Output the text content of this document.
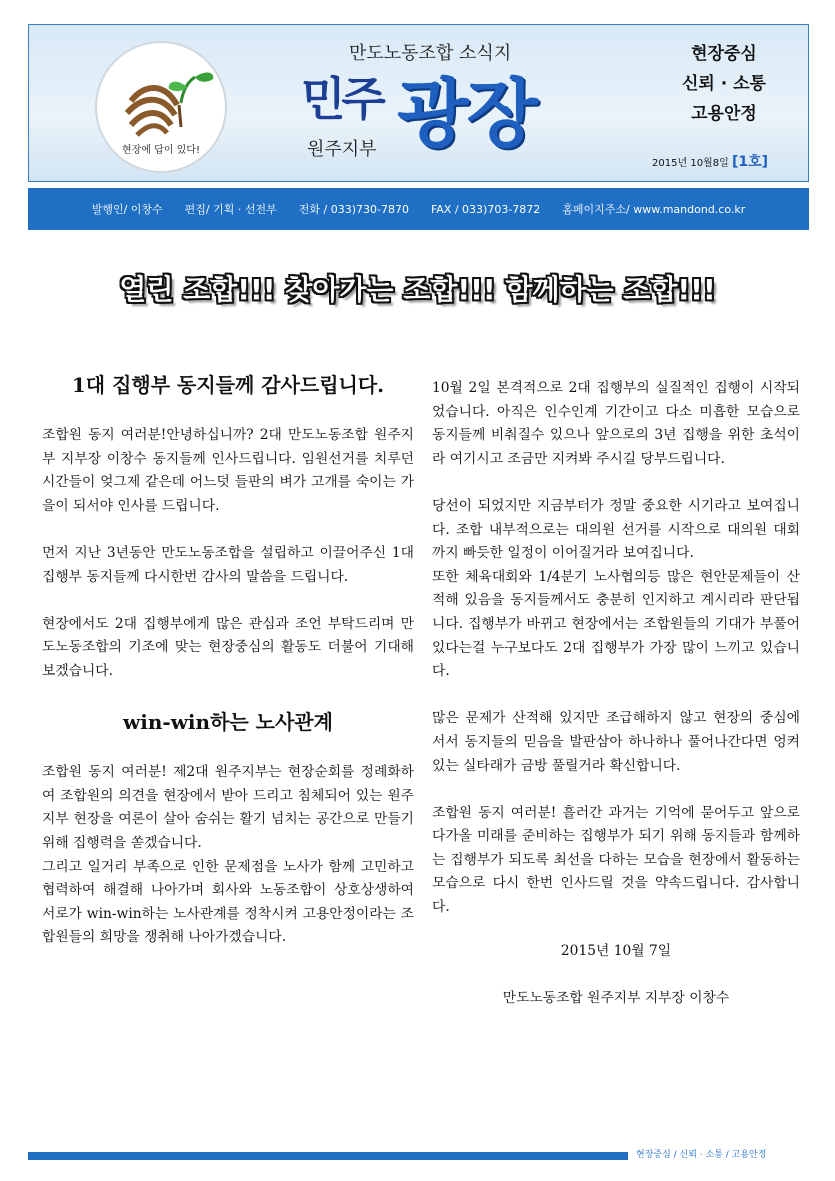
현장에 답이 있다!
만도노동조합 소식지
민주 광장
원주지부
현장중심
신뢰 · 소통
고용안정
2015년 10월8일 [1호]
발행인/ 이창수 편집/ 기획 · 선전부 전화 / 033)730-7870 FAX / 033)703-7872 홈페이지주소/ www.mandond.co.kr
열린 조합!!! 찾아가는 조합!!! 함께하는 조합!!!
1대 집행부 동지들께 감사드립니다.

조합원 동지 여러분!안녕하십니까? 2대 만도노동조합 원주지부 지부장 이창수 동지들께 인사드립니다. 임원선거를 치루던 시간들이 엊그제 같은데 어느덧 들판의 벼가 고개를 숙이는 가을이 되서야 인사를 드립니다.

먼저 지난 3년동안 만도노동조합을 설립하고 이끌어주신 1대 집행부 동지들께 다시한번 감사의 말씀을 드립니다.

현장에서도 2대 집행부에게 많은 관심과 조언 부탁드리며 만도노동조합의 기조에 맞는 현장중심의 활동도 더불어 기대해보겠습니다.

win-win하는 노사관계

조합원 동지 여러분! 제2대 원주지부는 현장순회를 정례화하여 조합원의 의견을 현장에서 받아 드리고 침체되어 있는 원주지부 현장을 여론이 살아 숨쉬는 활기 넘치는 공간으로 만들기 위해 집행력을 쏟겠습니다.

그리고 일거리 부족으로 인한 문제점을 노사가 함께 고민하고 협력하여 해결해 나아가며 회사와 노동조합이 상호상생하여 서로가 win-win하는 노사관계를 정착시켜 고용안정이라는 조합원들의 희망을 쟁취해 나아가겠습니다.

10월 2일 본격적으로 2대 집행부의 실질적인 집행이 시작되었습니다. 아직은 인수인계 기간이고 다소 미흡한 모습으로 동지들께 비춰질수 있으나 앞으로의 3년 집행을 위한 초석이라 여기시고 조금만 지켜봐 주시길 당부드립니다.

당선이 되었지만 지금부터가 정말 중요한 시기라고 보여집니다. 조합 내부적으로는 대의원 선거를 시작으로 대의원 대회까지 빠듯한 일정이 이어질거라 보여집니다.

또한 체육대회와 1/4분기 노사협의등 많은 현안문제들이 산적해 있음을 동지들께서도 충분히 인지하고 계시리라 판단됩니다. 집행부가 바뀌고 현장에서는 조합원들의 기대가 부풀어 있다는걸 누구보다도 2대 집행부가 가장 많이 느끼고 있습니다.

많은 문제가 산적해 있지만 조급해하지 않고 현장의 중심에 서서 동지들의 믿음을 발판삼아 하나하나 풀어나간다면 엉켜있는 실타래가 금방 풀릴거라 확신합니다.

조합원 동지 여러분! 흘러간 과거는 기억에 묻어두고 앞으로 다가올 미래를 준비하는 집행부가 되기 위해 동지들과 함께하는 집행부가 되도록 최선을 다하는 모습을 현장에서 활동하는 모습으로 다시 한번 인사드릴 것을 약속드립니다. 감사합니다.

2015년 10월 7일

만도노동조합 원주지부 지부장 이창수

현장중심 / 신뢰 · 소통 / 고용안정
